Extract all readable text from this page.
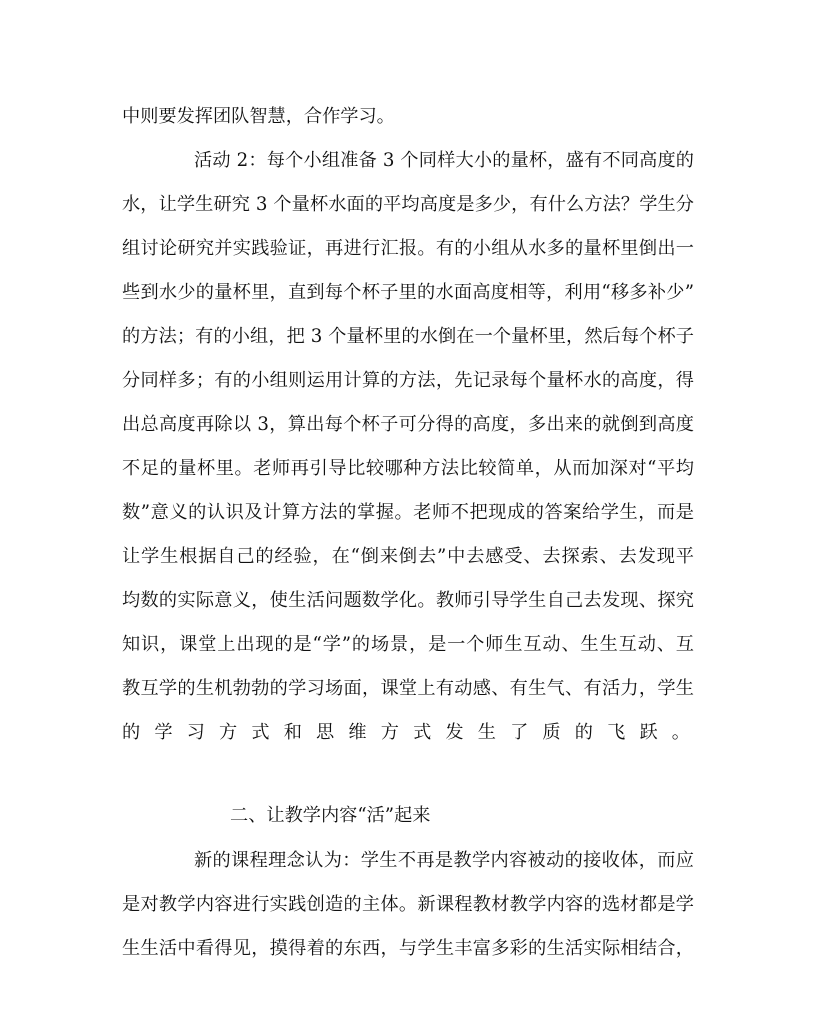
中则要发挥团队智慧，合作学习。
活动 2：每个小组准备 3 个同样大小的量杯，盛有不同高度的
水，让学生研究 3 个量杯水面的平均高度是多少，有什么方法？学生分
组讨论研究并实践验证，再进行汇报。有的小组从水多的量杯里倒出一
些到水少的量杯里，直到每个杯子里的水面高度相等，利用“移多补少”
的方法；有的小组，把 3 个量杯里的水倒在一个量杯里，然后每个杯子
分同样多；有的小组则运用计算的方法，先记录每个量杯水的高度，得
出总高度再除以 3，算出每个杯子可分得的高度，多出来的就倒到高度
不足的量杯里。老师再引导比较哪种方法比较简单，从而加深对“平均
数”意义的认识及计算方法的掌握。老师不把现成的答案给学生，而是
让学生根据自己的经验，在“倒来倒去”中去感受、去探索、去发现平
均数的实际意义，使生活问题数学化。教师引导学生自己去发现、探究
知识，课堂上出现的是“学”的场景，是一个师生互动、生生互动、互
教互学的生机勃勃的学习场面，课堂上有动感、有生气、有活力，学生
的学习方式和思维方式发生了质的飞跃。
二、让教学内容“活”起来
新的课程理念认为：学生不再是教学内容被动的接收体，而应
是对教学内容进行实践创造的主体。新课程教材教学内容的选材都是学
生生活中看得见，摸得着的东西，与学生丰富多彩的生活实际相结合，
